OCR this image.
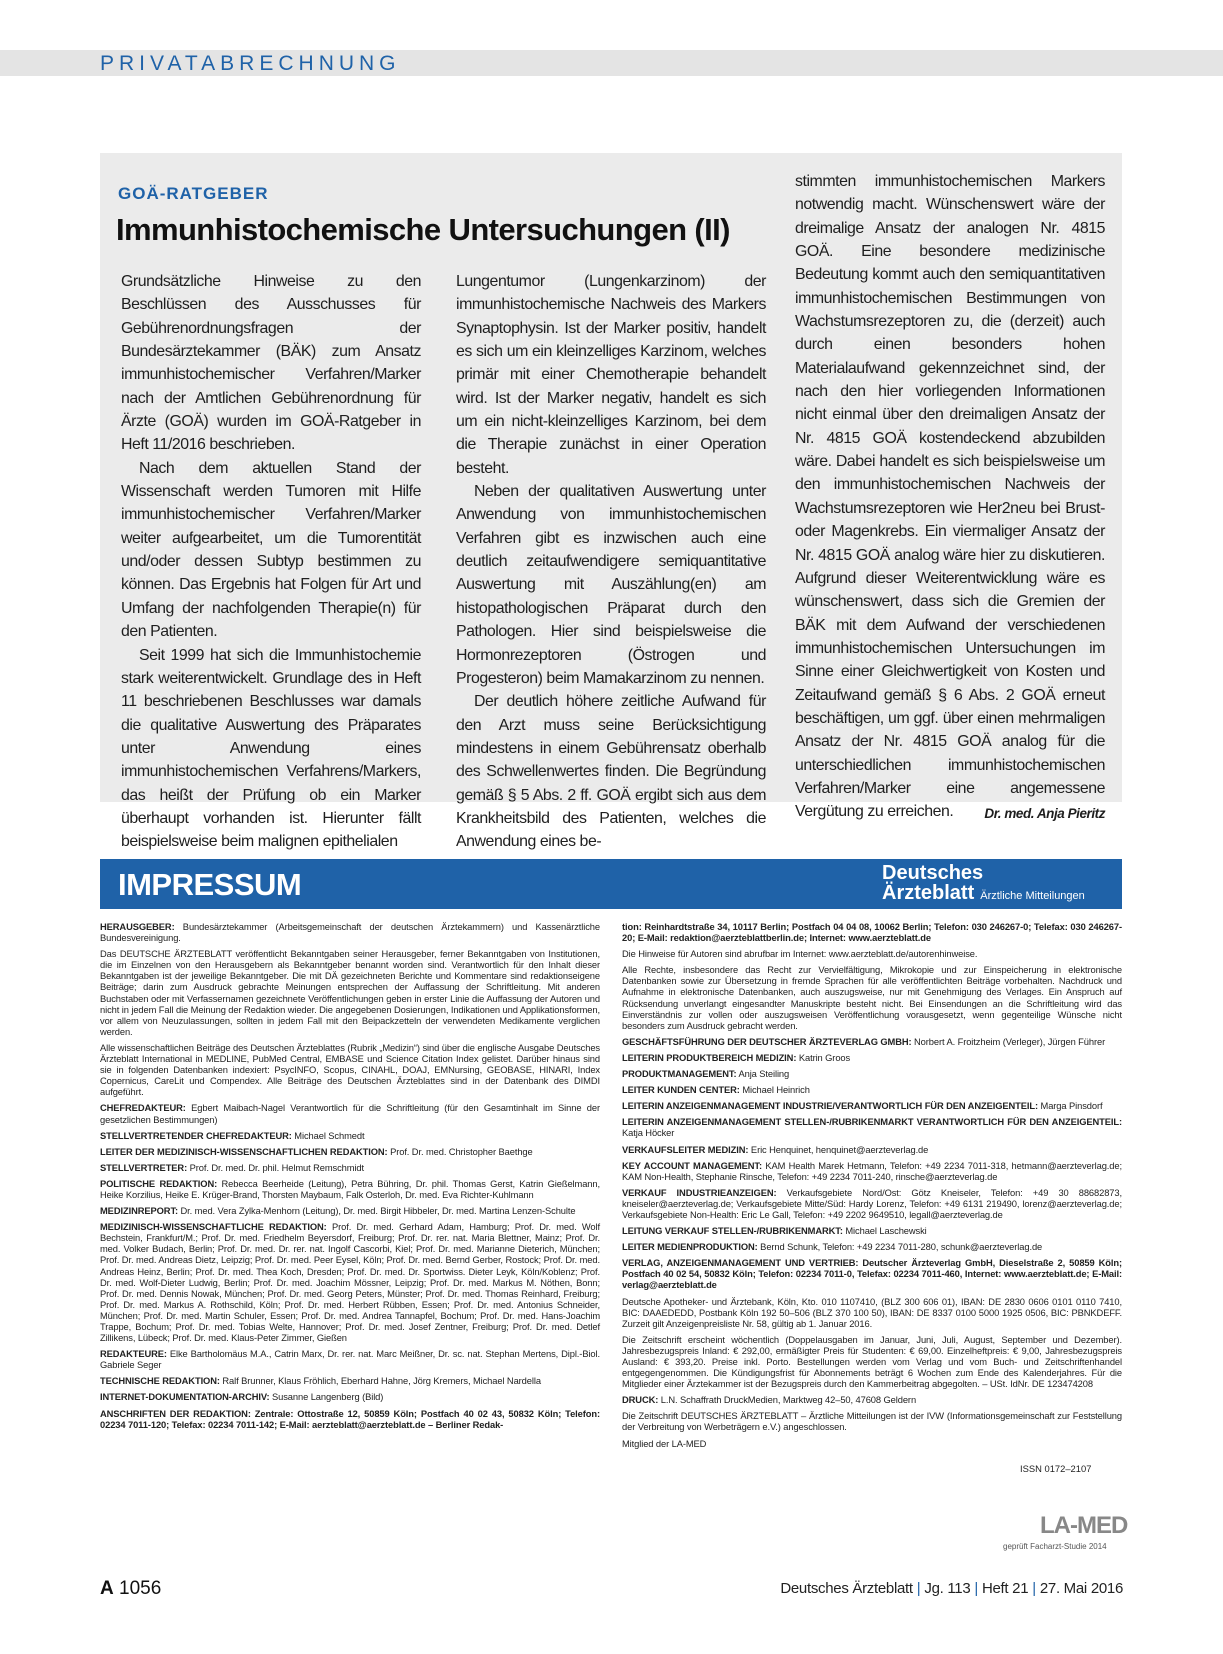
PRIVATABRECHNUNG
GOÄ-RATGEBER
Immunhistochemische Untersuchungen (II)

Grundsätzliche Hinweise zu den Beschlüssen des Ausschusses für Gebührenordnungsfragen der Bundesärztekammer (BÄK) zum Ansatz immunhistochemischer Verfahren/Marker nach der Amtlichen Gebührenordnung für Ärzte (GOÄ) wurden im GOÄ-Ratgeber in Heft 11/2016 beschrieben.

Nach dem aktuellen Stand der Wissenschaft werden Tumoren mit Hilfe immunhistochemischer Verfahren/Marker weiter aufgearbeitet, um die Tumorentität und/oder dessen Subtyp bestimmen zu können. Das Ergebnis hat Folgen für Art und Umfang der nachfolgenden Therapie(n) für den Patienten.

Seit 1999 hat sich die Immunhistochemie stark weiterentwickelt. Grundlage des in Heft 11 beschriebenen Beschlusses war damals die qualitative Auswertung des Präparates unter Anwendung eines immunhistochemischen Verfahrens/Markers, das heißt der Prüfung ob ein Marker überhaupt vorhanden ist. Hierunter fällt beispielsweise beim malignen epithelialen

Lungentumor (Lungenkarzinom) der immunhistochemische Nachweis des Markers Synaptophysin. Ist der Marker positiv, handelt es sich um ein kleinzelliges Karzinom, welches primär mit einer Chemotherapie behandelt wird. Ist der Marker negativ, handelt es sich um ein nicht-kleinzelliges Karzinom, bei dem die Therapie zunächst in einer Operation besteht.

Neben der qualitativen Auswertung unter Anwendung von immunhistochemischen Verfahren gibt es inzwischen auch eine deutlich zeitaufwendigere semiquantitative Auswertung mit Auszählung(en) am histopathologischen Präparat durch den Pathologen. Hier sind beispielsweise die Hormonrezeptoren (Östrogen und Progesteron) beim Mamakarzinom zu nennen.

Der deutlich höhere zeitliche Aufwand für den Arzt muss seine Berücksichtigung mindestens in einem Gebührensatz oberhalb des Schwellenwertes finden. Die Begründung gemäß § 5 Abs. 2 ff. GOÄ ergibt sich aus dem Krankheitsbild des Patienten, welches die Anwendung eines be-

stimmten immunhistochemischen Markers notwendig macht. Wünschenswert wäre der dreimalige Ansatz der analogen Nr. 4815 GOÄ. Eine besondere medizinische Bedeutung kommt auch den semiquantitativen immunhistochemischen Bestimmungen von Wachstumsrezeptoren zu, die (derzeit) auch durch einen besonders hohen Materialaufwand gekennzeichnet sind, der nach den hier vorliegenden Informationen nicht einmal über den dreimaligen Ansatz der Nr. 4815 GOÄ kostendeckend abzubilden wäre. Dabei handelt es sich beispielsweise um den immunhistochemischen Nachweis der Wachstumsrezeptoren wie Her2neu bei Brust- oder Magenkrebs. Ein viermaliger Ansatz der Nr. 4815 GOÄ analog wäre hier zu diskutieren. Aufgrund dieser Weiterentwicklung wäre es wünschenswert, dass sich die Gremien der BÄK mit dem Aufwand der verschiedenen immunhistochemischen Untersuchungen im Sinne einer Gleichwertigkeit von Kosten und Zeitaufwand gemäß § 6 Abs. 2 GOÄ erneut beschäftigen, um ggf. über einen mehrmaligen Ansatz der Nr. 4815 GOÄ analog für die unterschiedlichen immunhistochemischen Verfahren/Marker eine angemessene Vergütung zu erreichen.	Dr. med. Anja Pieritz
IMPRESSUM	Deutsches
Ärzteblatt Ärztliche Mitteilungen

HERAUSGEBER: Bundesärztekammer (Arbeitsgemeinschaft der deutschen Ärztekammern) und Kassenärztliche Bundesvereinigung.

Das DEUTSCHE ÄRZTEBLATT veröffentlicht Bekanntgaben seiner Herausgeber, ferner Bekanntgaben von Institutionen, die im Einzelnen von den Herausgebern als Bekanntgeber benannt worden sind. Verantwortlich für den Inhalt dieser Bekanntgaben ist der jeweilige Bekanntgeber. Die mit DÄ gezeichneten Berichte und Kommentare sind redaktionseigene Beiträge; darin zum Ausdruck gebrachte Meinungen entsprechen der Auffassung der Schriftleitung. Mit anderen Buchstaben oder mit Verfassernamen gezeichnete Veröffentlichungen geben in erster Linie die Auffassung der Autoren und nicht in jedem Fall die Meinung der Redaktion wieder. Die angegebenen Dosierungen, Indikationen und Applikationsformen, vor allem von Neuzulassungen, sollten in jedem Fall mit den Beipackzetteln der verwendeten Medikamente verglichen werden.

Alle wissenschaftlichen Beiträge des Deutschen Ärzteblattes (Rubrik „Medizin“) sind über die englische Ausgabe Deutsches Ärzteblatt International in MEDLINE, PubMed Central, EMBASE und Science Citation Index gelistet. Darüber hinaus sind sie in folgenden Datenbanken indexiert: PsycINFO, Scopus, CINAHL, DOAJ, EMNursing, GEOBASE, HINARI, Index Copernicus, CareLit und Compendex. Alle Beiträge des Deutschen Ärzteblattes sind in der Datenbank des DIMDI aufgeführt.

CHEFREDAKTEUR: Egbert Maibach-Nagel Verantwortlich für die Schriftleitung (für den Gesamtinhalt im Sinne der gesetzlichen Bestimmungen)

STELLVERTRETENDER CHEFREDAKTEUR: Michael Schmedt

LEITER DER MEDIZINISCH-WISSENSCHAFTLICHEN REDAKTION: Prof. Dr. med. Christopher Baethge

STELLVERTRETER: Prof. Dr. med. Dr. phil. Helmut Remschmidt

POLITISCHE REDAKTION: Rebecca Beerheide (Leitung), Petra Bühring, Dr. phil. Thomas Gerst, Katrin Gießelmann, Heike Korzilius, Heike E. Krüger-Brand, Thorsten Maybaum, Falk Osterloh, Dr. med. Eva Richter-Kuhlmann

MEDIZINREPORT: Dr. med. Vera Zylka-Menhorn (Leitung), Dr. med. Birgit Hibbeler, Dr. med. Martina Lenzen-Schulte

MEDIZINISCH-WISSENSCHAFTLICHE REDAKTION: Prof. Dr. med. Gerhard Adam, Hamburg; Prof. Dr. med. Wolf Bechstein, Frankfurt/M.; Prof. Dr. med. Friedhelm Beyersdorf, Freiburg; Prof. Dr. rer. nat. Maria Blettner, Mainz; Prof. Dr. med. Volker Budach, Berlin; Prof. Dr. med. Dr. rer. nat. Ingolf Cascorbi, Kiel; Prof. Dr. med. Marianne Dieterich, München; Prof. Dr. med. Andreas Dietz, Leipzig; Prof. Dr. med. Peer Eysel, Köln; Prof. Dr. med. Bernd Gerber, Rostock; Prof. Dr. med. Andreas Heinz, Berlin; Prof. Dr. med. Thea Koch, Dresden; Prof. Dr. med. Dr. Sportwiss. Dieter Leyk, Köln/Koblenz; Prof. Dr. med. Wolf-Dieter Ludwig, Berlin; Prof. Dr. med. Joachim Mössner, Leipzig; Prof. Dr. med. Markus M. Nöthen, Bonn; Prof. Dr. med. Dennis Nowak, München; Prof. Dr. med. Georg Peters, Münster; Prof. Dr. med. Thomas Reinhard, Freiburg; Prof. Dr. med. Markus A. Rothschild, Köln; Prof. Dr. med. Herbert Rübben, Essen; Prof. Dr. med. Antonius Schneider, München; Prof. Dr. med. Martin Schuler, Essen; Prof. Dr. med. Andrea Tannapfel, Bochum; Prof. Dr. med. Hans-Joachim Trappe, Bochum; Prof. Dr. med. Tobias Welte, Hannover; Prof. Dr. med. Josef Zentner, Freiburg; Prof. Dr. med. Detlef Zillikens, Lübeck; Prof. Dr. med. Klaus-Peter Zimmer, Gießen

REDAKTEURE: Elke Bartholomäus M.A., Catrin Marx, Dr. rer. nat. Marc Meißner, Dr. sc. nat. Stephan Mertens, Dipl.-Biol. Gabriele Seger

TECHNISCHE REDAKTION: Ralf Brunner, Klaus Fröhlich, Eberhard Hahne, Jörg Kremers, Michael Nardella

INTERNET-DOKUMENTATION-ARCHIV: Susanne Langenberg (Bild)

ANSCHRIFTEN DER REDAKTION: Zentrale: Ottostraße 12, 50859 Köln; Postfach 40 02 43, 50832 Köln; Telefon: 02234 7011-120; Telefax: 02234 7011-142; E-Mail: aerzteblatt@aerzteblatt.de – Berliner Redak-

tion: Reinhardtstraße 34, 10117 Berlin; Postfach 04 04 08, 10062 Berlin; Telefon: 030 246267-0; Telefax: 030 246267-20; E-Mail: redaktion@aerzteblattberlin.de; Internet: www.aerzteblatt.de

Die Hinweise für Autoren sind abrufbar im Internet: www.aerzteblatt.de/autorenhinweise.

Alle Rechte, insbesondere das Recht zur Vervielfältigung, Mikrokopie und zur Einspeicherung in elektronische Datenbanken sowie zur Übersetzung in fremde Sprachen für alle veröffentlichten Beiträge vorbehalten. Nachdruck und Aufnahme in elektronische Datenbanken, auch auszugsweise, nur mit Genehmigung des Verlages. Ein Anspruch auf Rücksendung unverlangt eingesandter Manuskripte besteht nicht. Bei Einsendungen an die Schriftleitung wird das Einverständnis zur vollen oder auszugsweisen Veröffentlichung vorausgesetzt, wenn gegenteilige Wünsche nicht besonders zum Ausdruck gebracht werden.

GESCHÄFTSFÜHRUNG DER DEUTSCHER ÄRZTEVERLAG GMBH: Norbert A. Froitzheim (Verleger), Jürgen Führer

LEITERIN PRODUKTBEREICH MEDIZIN: Katrin Groos

PRODUKTMANAGEMENT: Anja Steiling

LEITER KUNDEN CENTER: Michael Heinrich

LEITERIN ANZEIGENMANAGEMENT INDUSTRIE/VERANTWORTLICH FÜR DEN ANZEIGENTEIL: Marga Pinsdorf

LEITERIN ANZEIGENMANAGEMENT STELLEN-/RUBRIKENMARKT VERANTWORTLICH FÜR DEN ANZEIGENTEIL: Katja Höcker

VERKAUFSLEITER MEDIZIN: Eric Henquinet, henquinet@aerzteverlag.de

KEY ACCOUNT MANAGEMENT: KAM Health Marek Hetmann, Telefon: +49 2234 7011-318, hetmann@aerzteverlag.de; KAM Non-Health, Stephanie Rinsche, Telefon: +49 2234 7011-240, rinsche@aerzteverlag.de

VERKAUF INDUSTRIEANZEIGEN: Verkaufsgebiete Nord/Ost: Götz Kneiseler, Telefon: +49 30 88682873, kneiseler@aerzteverlag.de; Verkaufsgebiete Mitte/Süd: Hardy Lorenz, Telefon: +49 6131 219490, lorenz@aerzteverlag.de; Verkaufsgebiete Non-Health: Eric Le Gall, Telefon: +49 2202 9649510, legall@aerzteverlag.de

LEITUNG VERKAUF STELLEN-/RUBRIKENMARKT: Michael Laschewski

LEITER MEDIENPRODUKTION: Bernd Schunk, Telefon: +49 2234 7011-280, schunk@aerzteverlag.de

VERLAG, ANZEIGENMANAGEMENT UND VERTRIEB: Deutscher Ärzteverlag GmbH, Dieselstraße 2, 50859 Köln; Postfach 40 02 54, 50832 Köln; Telefon: 02234 7011-0, Telefax: 02234 7011-460, Internet: www.aerzteblatt.de; E-Mail: verlag@aerzteblatt.de

Deutsche Apotheker- und Ärztebank, Köln, Kto. 010 1107410, (BLZ 300 606 01), IBAN: DE 2830 0606 0101 0110 7410, BIC: DAAEDEDD, Postbank Köln 192 50–506 (BLZ 370 100 50), IBAN: DE 8337 0100 5000 1925 0506, BIC: PBNKDEFF. Zurzeit gilt Anzeigenpreisliste Nr. 58, gültig ab 1. Januar 2016.

Die Zeitschrift erscheint wöchentlich (Doppelausgaben im Januar, Juni, Juli, August, September und Dezember). Jahresbezugspreis Inland: € 292,00, ermäßigter Preis für Studenten: € 69,00. Einzelheftpreis: € 9,00, Jahresbezugspreis Ausland: € 393,20. Preise inkl. Porto. Bestellungen werden vom Verlag und vom Buch- und Zeitschriftenhandel entgegengenommen. Die Kündigungsfrist für Abonnements beträgt 6 Wochen zum Ende des Kalenderjahres. Für die Mitglieder einer Ärztekammer ist der Bezugspreis durch den Kammerbeitrag abgegolten. – USt. IdNr. DE 123474208

DRUCK: L.N. Schaffrath DruckMedien, Marktweg 42–50, 47608 Geldern

Die Zeitschrift DEUTSCHES ÄRZTEBLATT – Ärztliche Mitteilungen ist der IVW (Informationsgemeinschaft zur Feststellung der Verbreitung von Werbeträgern e.V.) angeschlossen.

Mitglied der LA-MED

ISSN 0172–2107
LA-MED
geprüft Facharzt-Studie 2014
A 1056	Deutsches Ärzteblatt | Jg. 113 | Heft 21 | 27. Mai 2016
